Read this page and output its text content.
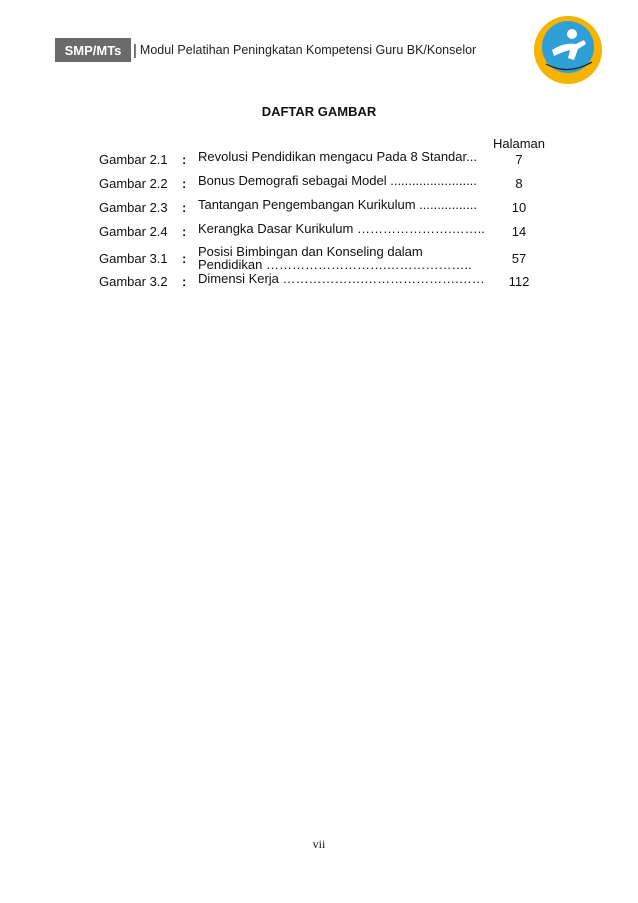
SMP/MTs | Modul Pelatihan Peningkatan Kompetensi Guru BK/Konselor
DAFTAR GAMBAR
Halaman
Gambar 2.1 : Revolusi Pendidikan mengacu Pada 8 Standar...	7
Gambar 2.2 : Bonus Demografi sebagai Model ........................	8
Gambar 2.3 : Tantangan Pengembangan Kurikulum ................	10
Gambar 2.4 : Kerangka Dasar Kurikulum ………………….……..	14
Gambar 3.1 : Posisi Bimbingan dan Konseling dalam
Pendidikan ……………………….………………..	57
Gambar 3.2 : Dimensi Kerja ……………….………………….……	112
vii
